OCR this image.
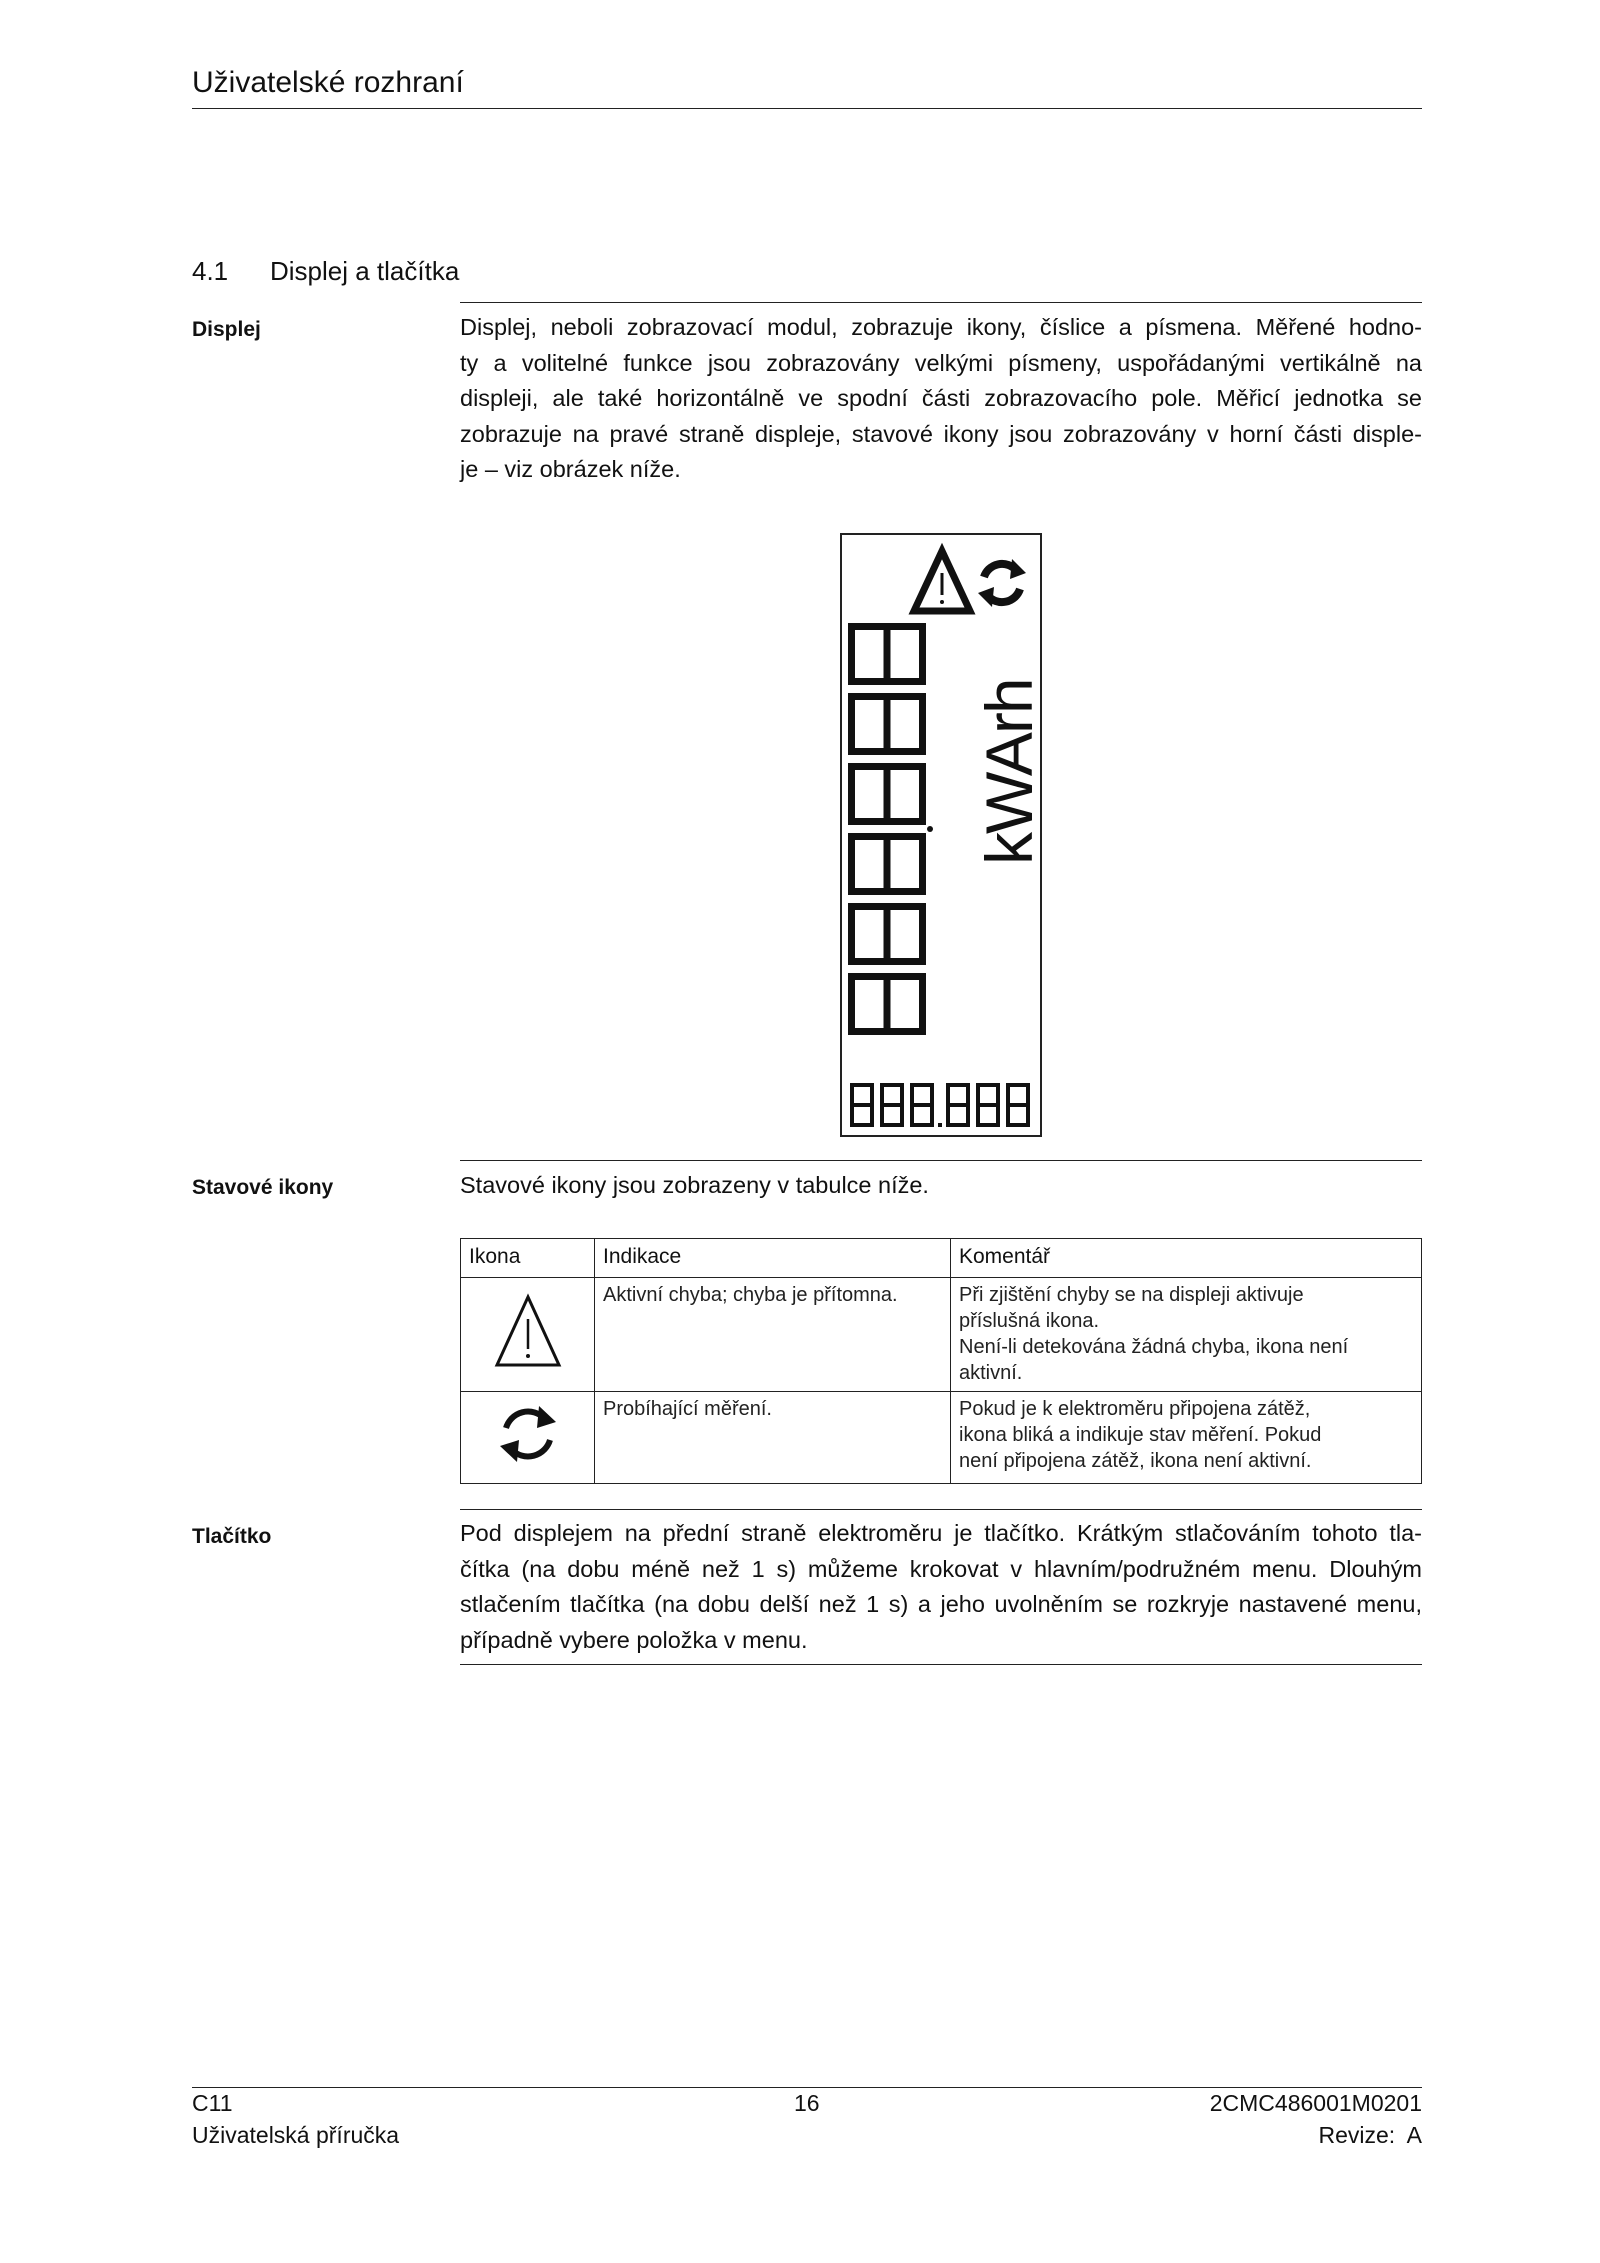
Uživatelské rozhraní
4.1 Displej a tlačítka
Displej	Displej, neboli zobrazovací modul, zobrazuje ikony, číslice a písmena. Měřené hodno-
ty a volitelné funkce jsou zobrazovány velkými písmeny, uspořádanými vertikálně na
displeji, ale také horizontálně ve spodní části zobrazovacího pole. Měřicí jednotka se
zobrazuje na pravé straně displeje, stavové ikony jsou zobrazovány v horní části disple-
je – viz obrázek níže.
kWArh
Stavové ikony	Stavové ikony jsou zobrazeny v tabulce níže.
Ikona	Indikace	Komentář
	Aktivní chyba; chyba je přítomna.	Při zjištění chyby se na displeji aktivuje
příslušná ikona.
Není-li detekována žádná chyba, ikona není
aktivní.

	Probíhající měření.	Pokud je k elektroměru připojena zátěž,
ikona bliká a indikuje stav měření. Pokud
není připojena zátěž, ikona není aktivní.
Tlačítko	Pod displejem na přední straně elektroměru je tlačítko. Krátkým stlačováním tohoto tla-
čítka (na dobu méně než 1 s) můžeme krokovat v hlavním/podružném menu. Dlouhým
stlačením tlačítka (na dobu delší než 1 s) a jeho uvolněním se rozkryje nastavené menu,
případně vybere položka v menu.
C11
Uživatelská příručka
16	2CMC486001M0201
Revize:  A
